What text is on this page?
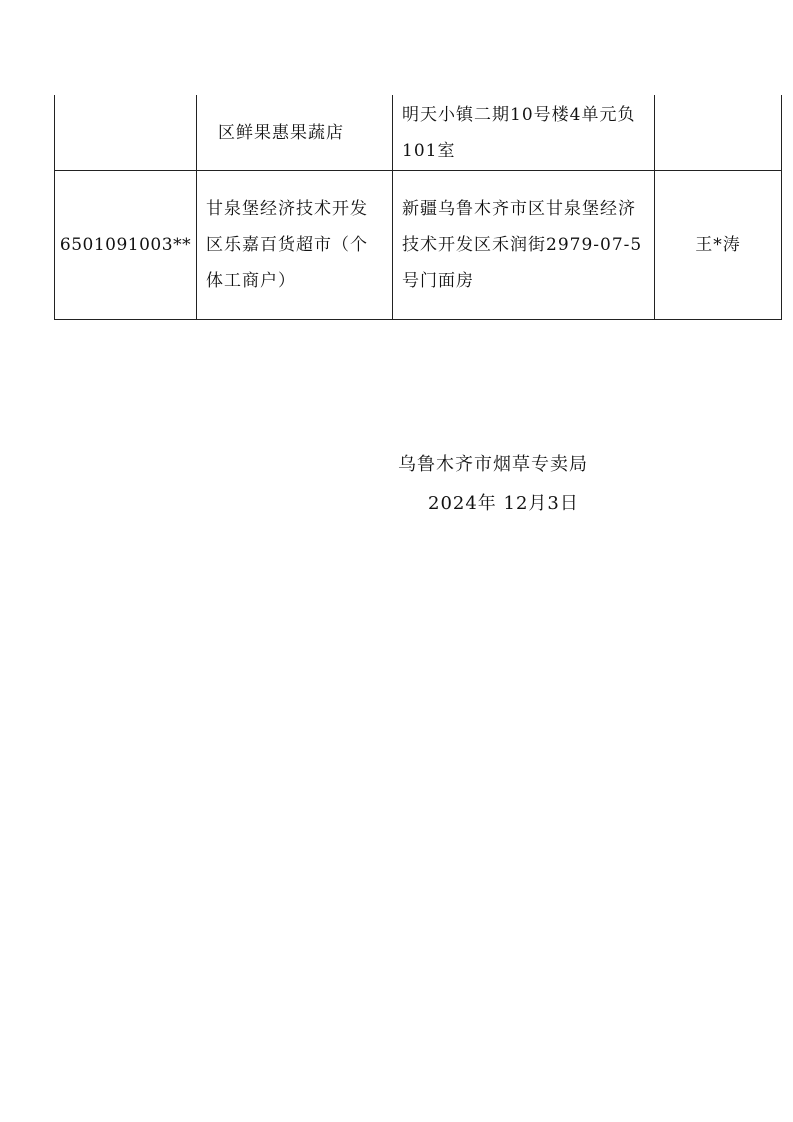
	区鲜果惠果蔬店	明天小镇二期10号楼4单元负101室	

6501091003**	甘泉堡经济技术开发区乐嘉百货超市（个体工商户）	新疆乌鲁木齐市区甘泉堡经济技术开发区禾润街2979-07-5号门面房	王*涛
乌鲁木齐市烟草专卖局
2024年 12月3日
